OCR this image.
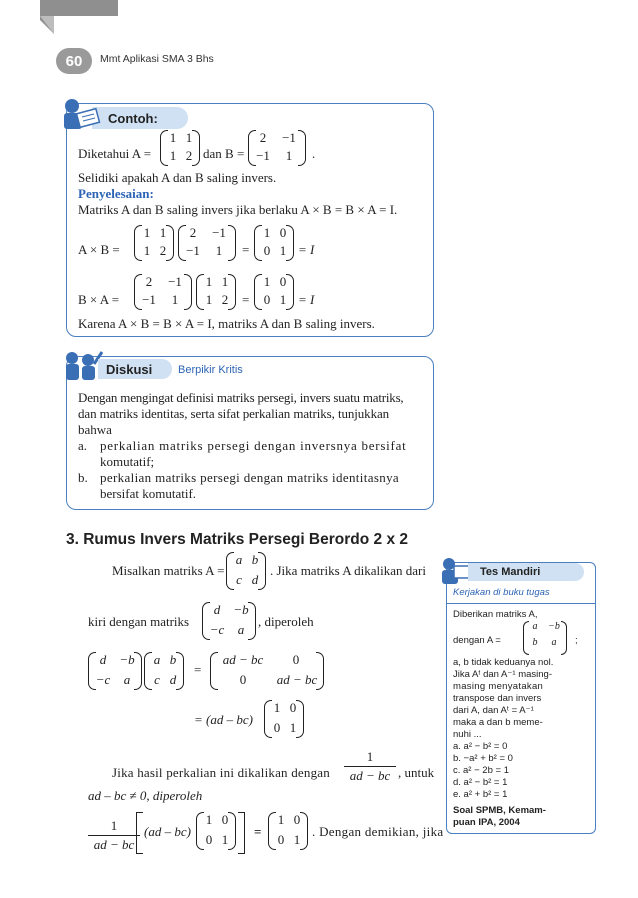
60	Mmt Aplikasi SMA 3 Bhs
Contoh:
Diketahui A =
1 1
1 2 dan B =
2	−1
−1	1	.
Selidiki apakah A dan B saling invers.
Penyelesaian:
Matriks A dan B saling invers jika berlaku A × B = B × A = I.
A × B =
1 1
1 2
2	−1
−1	1	=
1 0
0 1 = I
B × A =
2	−1
−1	1
1 1
1 2	=
1 0
0 1 = I
Karena A × B = B × A = I, matriks A dan B saling invers.
Diskusi Berpikir Kritis
Dengan mengingat definisi matriks persegi, invers suatu matriks,
dan matriks identitas, serta sifat perkalian matriks, tunjukkan
bahwa
a. perkalian matriks persegi dengan inversnya bersifat
komutatif;
b. perkalian matriks persegi dengan matriks identitasnya
bersifat komutatif.
3. Rumus Invers Matriks Persegi Berordo 2 x 2
Misalkan matriks A =
a b
c d
. Jika matriks A dikalikan dari
kiri dengan matriks
d	−b
−c	a
, diperoleh
d	−b
−c	a
a b
c d
=
ad − bc	0
0	ad − bc
= (ad – bc)
1 0
0 1
Jika hasil perkalian ini dikalikan dengan
1
ad − bc , untuk
ad – bc ≠ 0, diperoleh
1
ad − bc
(ad – bc)
1 0
0 1
=
1 0
0 1
. Dengan demikian, jika
Kerjakan di buku tugas
Diberikan matriks A,
dengan A =
a	−b
b	a	;
a, b tidak keduanya nol.
Jika Aᵗ dan A⁻¹ masing-
masing menyatakan
transpose dan invers
dari A, dan Aᵗ = A⁻¹
maka a dan b meme-
nuhi ...
a. a² − b² = 0
b. −a² + b² = 0
c. a² − 2b = 1
d. a² − b² = 1
e. a² + b² = 1
Soal SPMB, Kemam-
puan IPA, 2004
Tes Mandiri
